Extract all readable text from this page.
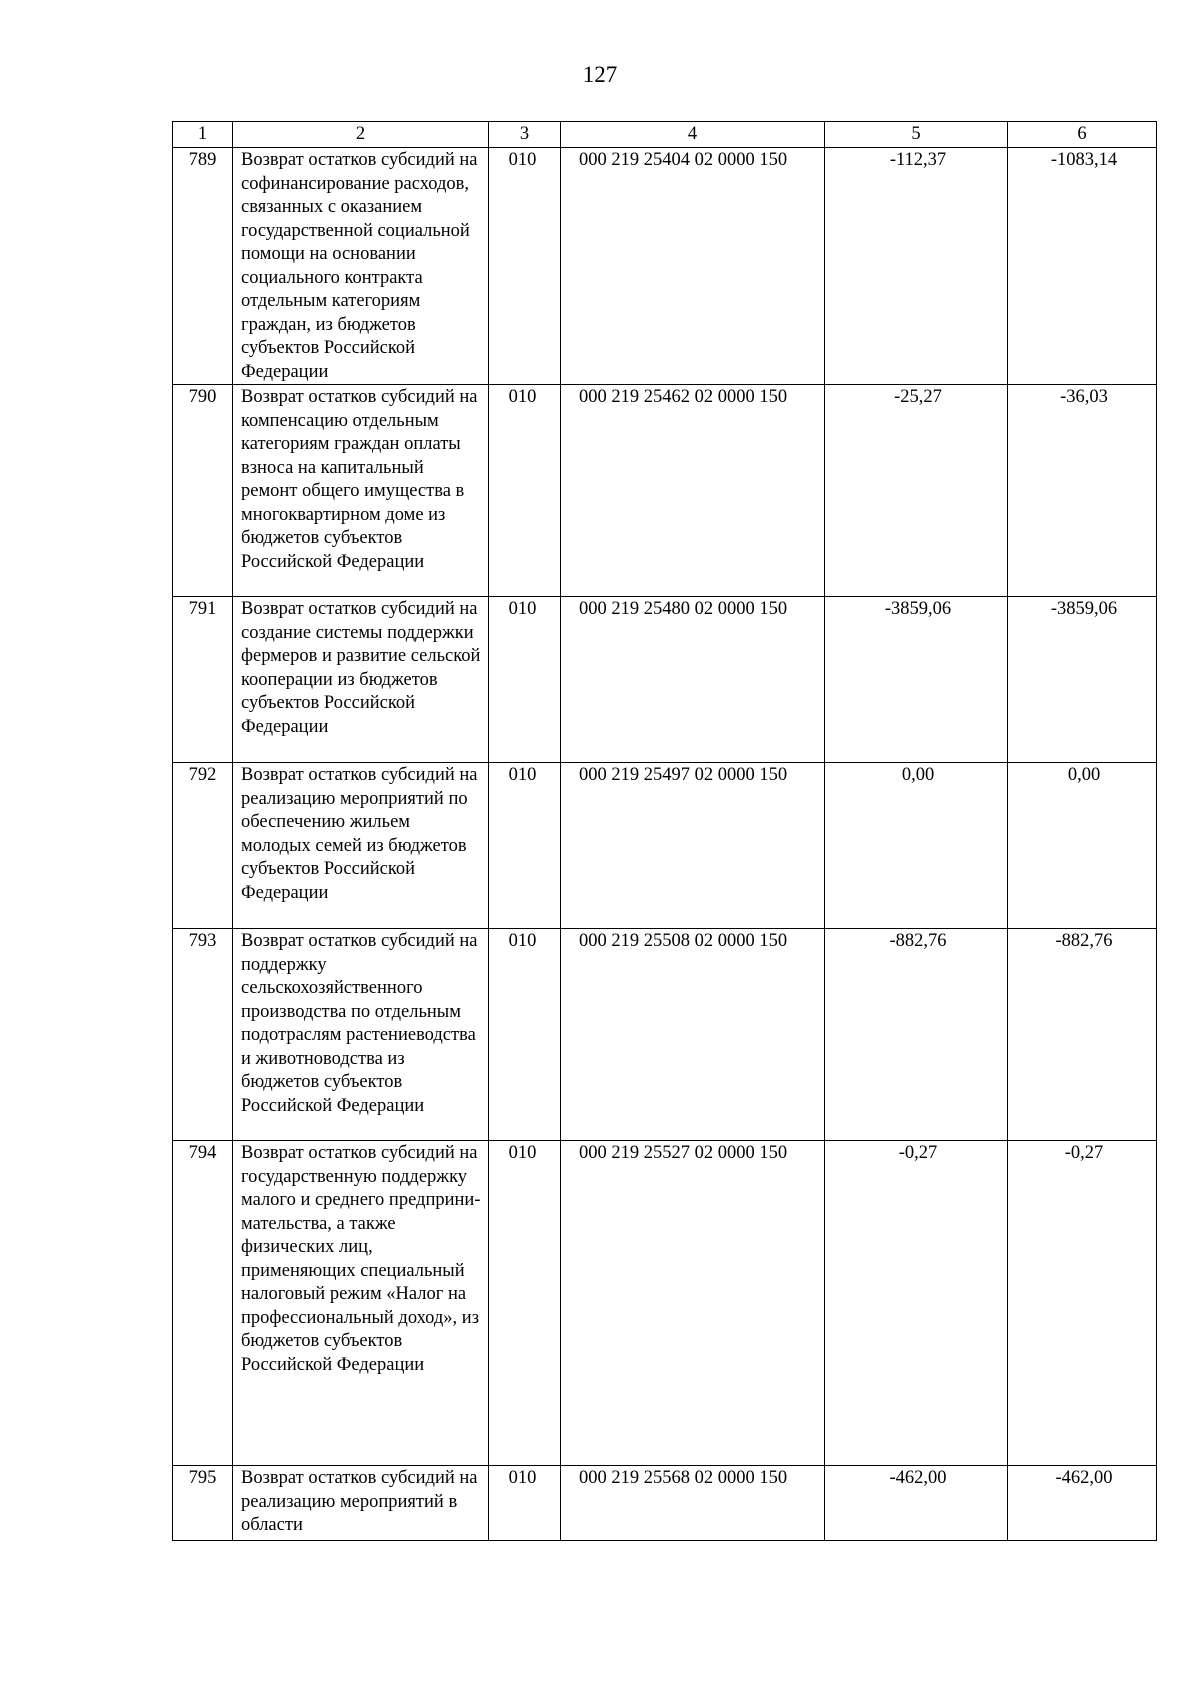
127
1	2	3	4	5	6
789	Возврат остатков субсидий на софинансирование расходов, связанных с оказанием государственной социальной помощи на основании социального контракта отдельным категориям граждан, из бюджетов субъектов Российской Федерации	010	000 219 25404 02 0000 150	-112,37	-1083,14
790	Возврат остатков субсидий на компенсацию отдельным категориям граждан оплаты взноса на капитальный ремонт общего имущества в многоквартирном доме из бюджетов субъектов Российской Федерации	010	000 219 25462 02 0000 150	-25,27	-36,03
791	Возврат остатков субсидий на создание системы поддержки фермеров и развитие сельской кооперации из бюджетов субъектов Российской Федерации	010	000 219 25480 02 0000 150	-3859,06	-3859,06
792	Возврат остатков субсидий на реализацию мероприятий по обеспечению жильем молодых семей из бюджетов субъектов Российской Федерации	010	000 219 25497 02 0000 150	0,00	0,00
793	Возврат остатков субсидий на поддержку сельскохозяйственного производства по отдельным подотраслям растениеводства и животноводства из бюджетов субъектов Российской Федерации	010	000 219 25508 02 0000 150	-882,76	-882,76
794	Возврат остатков субсидий на государственную поддержку малого и среднего предприни-мательства, а также физических лиц, применяющих специальный налоговый режим «Налог на профессиональный доход», из бюджетов субъектов Российской Федерации	010	000 219 25527 02 0000 150	-0,27	-0,27
795	Возврат остатков субсидий на реализацию мероприятий в области	010	000 219 25568 02 0000 150	-462,00	-462,00
